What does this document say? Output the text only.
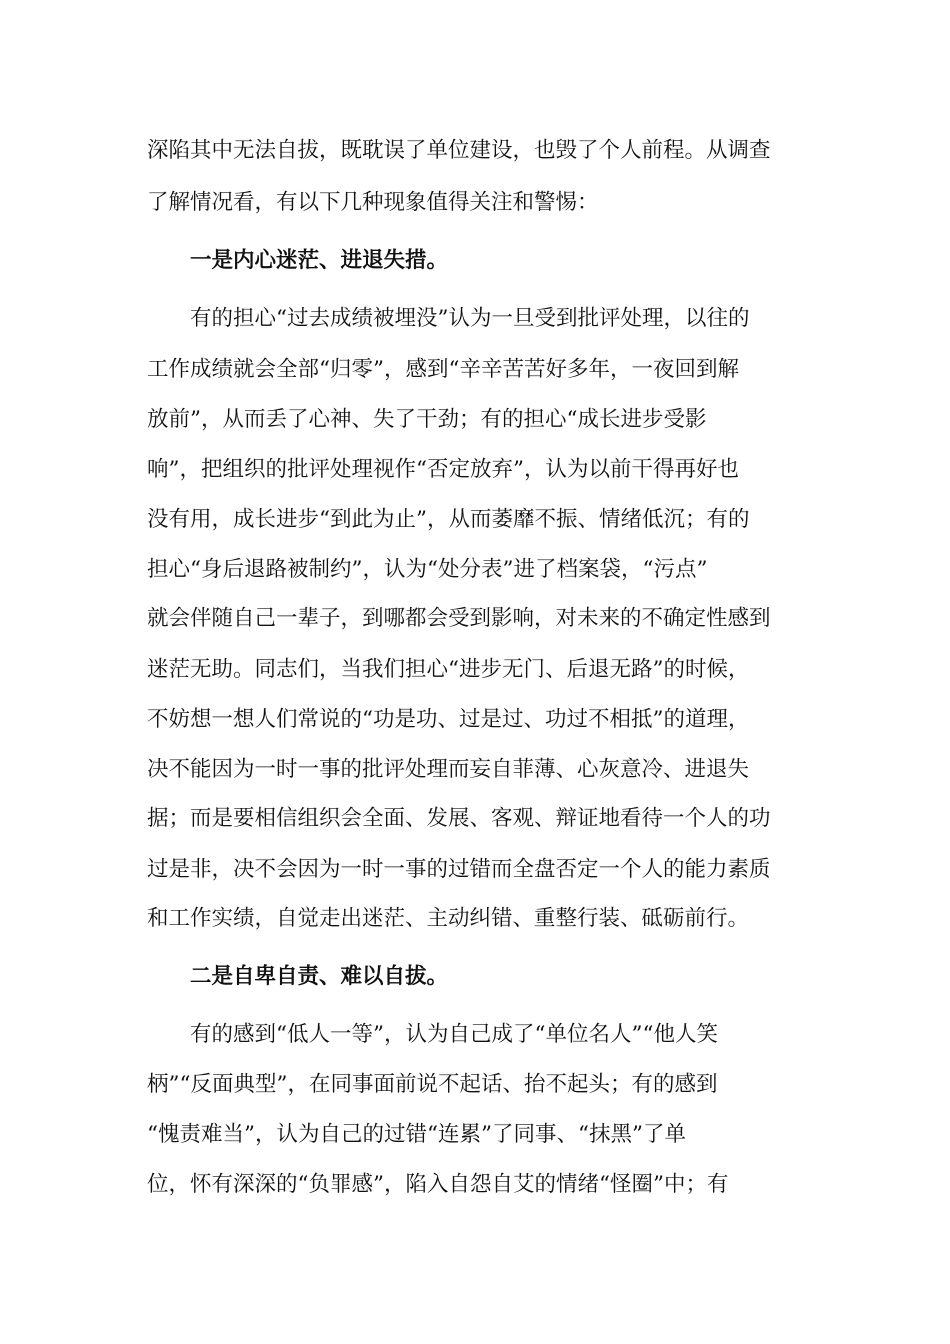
深陷其中无法自拔，既耽误了单位建设，也毁了个人前程。从调查
了解情况看，有以下几种现象值得关注和警惕：
一是内心迷茫、进退失措。
有的担心“过去成绩被埋没”认为一旦受到批评处理，以往的
工作成绩就会全部“归零”，感到“辛辛苦苦好多年，一夜回到解
放前”，从而丢了心神、失了干劲；有的担心“成长进步受影
响”，把组织的批评处理视作“否定放弃”，认为以前干得再好也
没有用，成长进步“到此为止”，从而萎靡不振、情绪低沉；有的
担心“身后退路被制约”，认为“处分表”进了档案袋，“污点”
就会伴随自己一辈子，到哪都会受到影响，对未来的不确定性感到
迷茫无助。同志们，当我们担心“进步无门、后退无路”的时候，
不妨想一想人们常说的“功是功、过是过、功过不相抵”的道理，
决不能因为一时一事的批评处理而妄自菲薄、心灰意冷、进退失
据；而是要相信组织会全面、发展、客观、辩证地看待一个人的功
过是非，决不会因为一时一事的过错而全盘否定一个人的能力素质
和工作实绩，自觉走出迷茫、主动纠错、重整行装、砥砺前行。
二是自卑自责、难以自拔。
有的感到“低人一等”，认为自己成了“单位名人”“他人笑
柄”“反面典型”，在同事面前说不起话、抬不起头；有的感到
“愧责难当”，认为自己的过错“连累”了同事、“抹黑”了单
位，怀有深深的“负罪感”，陷入自怨自艾的情绪“怪圈”中；有
